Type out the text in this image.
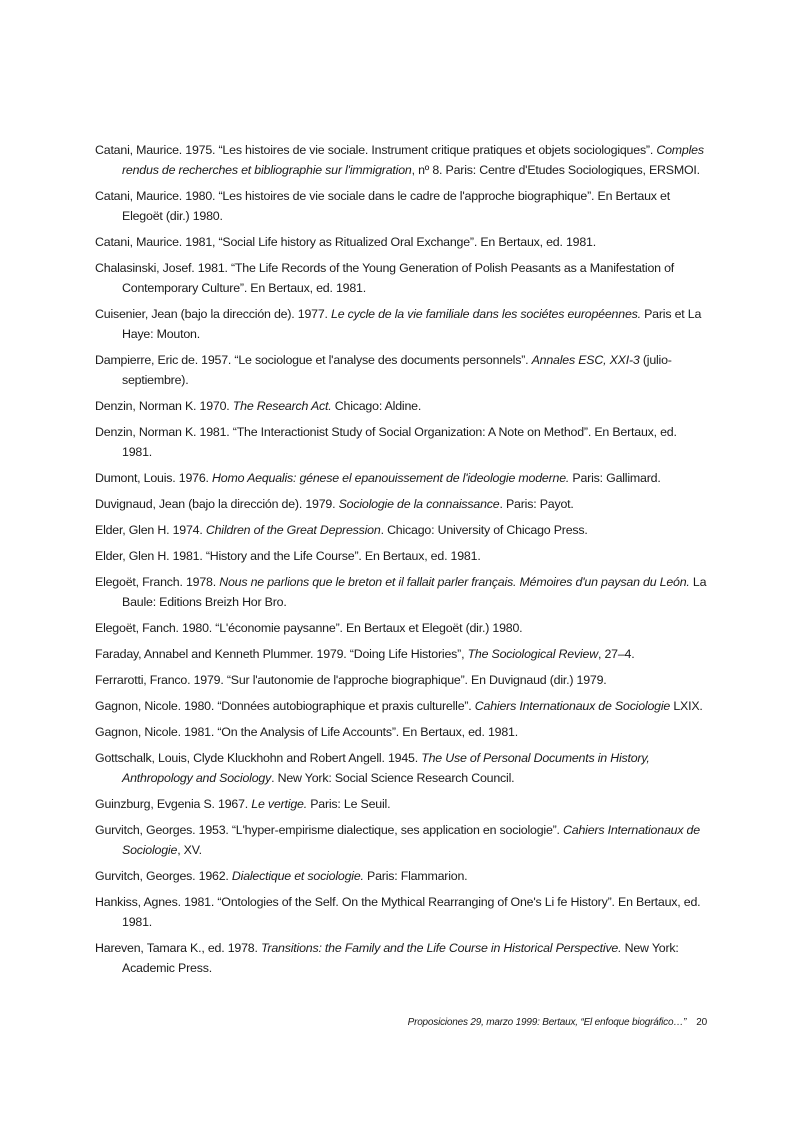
Catani, Maurice. 1975. “Les histoires de vie sociale. Instrument critique pratiques et objets sociologiques”. Comples rendus de recherches et bibliographie sur l'immigration, nº 8. Paris: Centre d'Etudes Sociologiques, ERSMOI.

Catani, Maurice. 1980. “Les histoires de vie sociale dans le cadre de l'approche biographique”. En Bertaux et Elegoët (dir.) 1980.

Catani, Maurice. 1981, “Social Life history as Ritualized Oral Exchange”. En Bertaux, ed. 1981.

Chalasinski, Josef. 1981. “The Life Records of the Young Generation of Polish Peasants as a Manifestation of Contemporary Culture”. En Bertaux, ed. 1981.

Cuisenier, Jean (bajo la dirección de). 1977. Le cycle de la vie familiale dans les sociétes européennes. Paris et La Haye: Mouton.

Dampierre, Eric de. 1957. “Le sociologue et l'analyse des documents personnels”. Annales ESC, XXI-3 (julio-septiembre).

Denzin, Norman K. 1970. The Research Act. Chicago: Aldine.

Denzin, Norman K. 1981. “The Interactionist Study of Social Organization: A Note on Method”. En Bertaux, ed. 1981.

Dumont, Louis. 1976. Homo Aequalis: génese el epanouissement de l'ideologie moderne. Paris: Gallimard.

Duvignaud, Jean (bajo la dirección de). 1979. Sociologie de la connaissance. Paris: Payot.

Elder, Glen H. 1974. Children of the Great Depression. Chicago: University of Chicago Press.

Elder, Glen H. 1981. “History and the Life Course”. En Bertaux, ed. 1981.

Elegoët, Franch. 1978. Nous ne parlions que le breton et il fallait parler français. Mémoires d'un paysan du León. La Baule: Editions Breizh Hor Bro.

Elegoët, Fanch. 1980. “L'économie paysanne”. En Bertaux et Elegoët (dir.) 1980.

Faraday, Annabel and Kenneth Plummer. 1979. “Doing Life Histories”, The Sociological Review, 27–4.

Ferrarotti, Franco. 1979. “Sur l'autonomie de l'approche biographique”. En Duvignaud (dir.) 1979.

Gagnon, Nicole. 1980. “Données autobiographique et praxis culturelle”. Cahiers Internationaux de Sociologie LXIX.

Gagnon, Nicole. 1981. “On the Analysis of Life Accounts”. En Bertaux, ed. 1981.

Gottschalk, Louis, Clyde Kluckhohn and Robert Angell. 1945. The Use of Personal Documents in History, Anthropology and Sociology. New York: Social Science Research Council.

Guinzburg, Evgenia S. 1967. Le vertige. Paris: Le Seuil.

Gurvitch, Georges. 1953. “L'hyper-empirisme dialectique, ses application en sociologie”. Cahiers Internationaux de Sociologie, XV.

Gurvitch, Georges. 1962. Dialectique et sociologie. Paris: Flammarion.

Hankiss, Agnes. 1981. “Ontologies of the Self. On the Mythical Rearranging of One's Li fe History”. En Bertaux, ed. 1981.

Hareven, Tamara K., ed. 1978. Transitions: the Family and the Life Course in Historical Perspective. New York: Academic Press.

Proposiciones 29, marzo 1999: Bertaux, “El enfoque biográfico…” 20
